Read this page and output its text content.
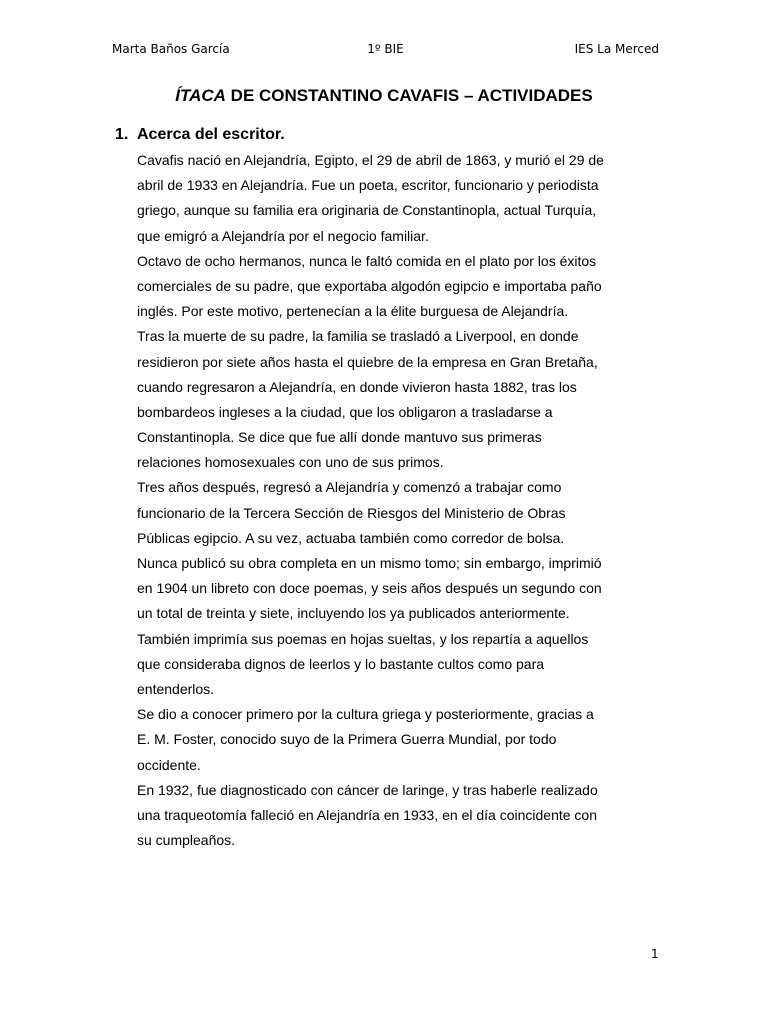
Marta Baños García	1º BIE	IES La Merced
ÍTACA DE CONSTANTINO CAVAFIS – ACTIVIDADES
1. Acerca del escritor.
Cavafis nació en Alejandría, Egipto, el 29 de abril de 1863, y murió el 29 de
abril de 1933 en Alejandría. Fue un poeta, escritor, funcionario y periodista
griego, aunque su familia era originaria de Constantinopla, actual Turquía,
que emigró a Alejandría por el negocio familiar.
Octavo de ocho hermanos, nunca le faltó comida en el plato por los éxitos
comerciales de su padre, que exportaba algodón egipcio e importaba paño
inglés. Por este motivo, pertenecían a la élite burguesa de Alejandría.
Tras la muerte de su padre, la familia se trasladó a Liverpool, en donde
residieron por siete años hasta el quiebre de la empresa en Gran Bretaña,
cuando regresaron a Alejandría, en donde vivieron hasta 1882, tras los
bombardeos ingleses a la ciudad, que los obligaron a trasladarse a
Constantinopla. Se dice que fue allí donde mantuvo sus primeras
relaciones homosexuales con uno de sus primos.
Tres años después, regresó a Alejandría y comenzó a trabajar como
funcionario de la Tercera Sección de Riesgos del Ministerio de Obras
Públicas egipcio. A su vez, actuaba también como corredor de bolsa.
Nunca publicó su obra completa en un mismo tomo; sin embargo, imprimió
en 1904 un libreto con doce poemas, y seis años después un segundo con
un total de treinta y siete, incluyendo los ya publicados anteriormente.
También imprimía sus poemas en hojas sueltas, y los repartía a aquellos
que consideraba dignos de leerlos y lo bastante cultos como para
entenderlos.
Se dio a conocer primero por la cultura griega y posteriormente, gracias a
E. M. Foster, conocido suyo de la Primera Guerra Mundial, por todo
occidente.
En 1932, fue diagnosticado con cáncer de laringe, y tras haberle realizado
una traqueotomía falleció en Alejandría en 1933, en el día coincidente con
su cumpleaños.
1
